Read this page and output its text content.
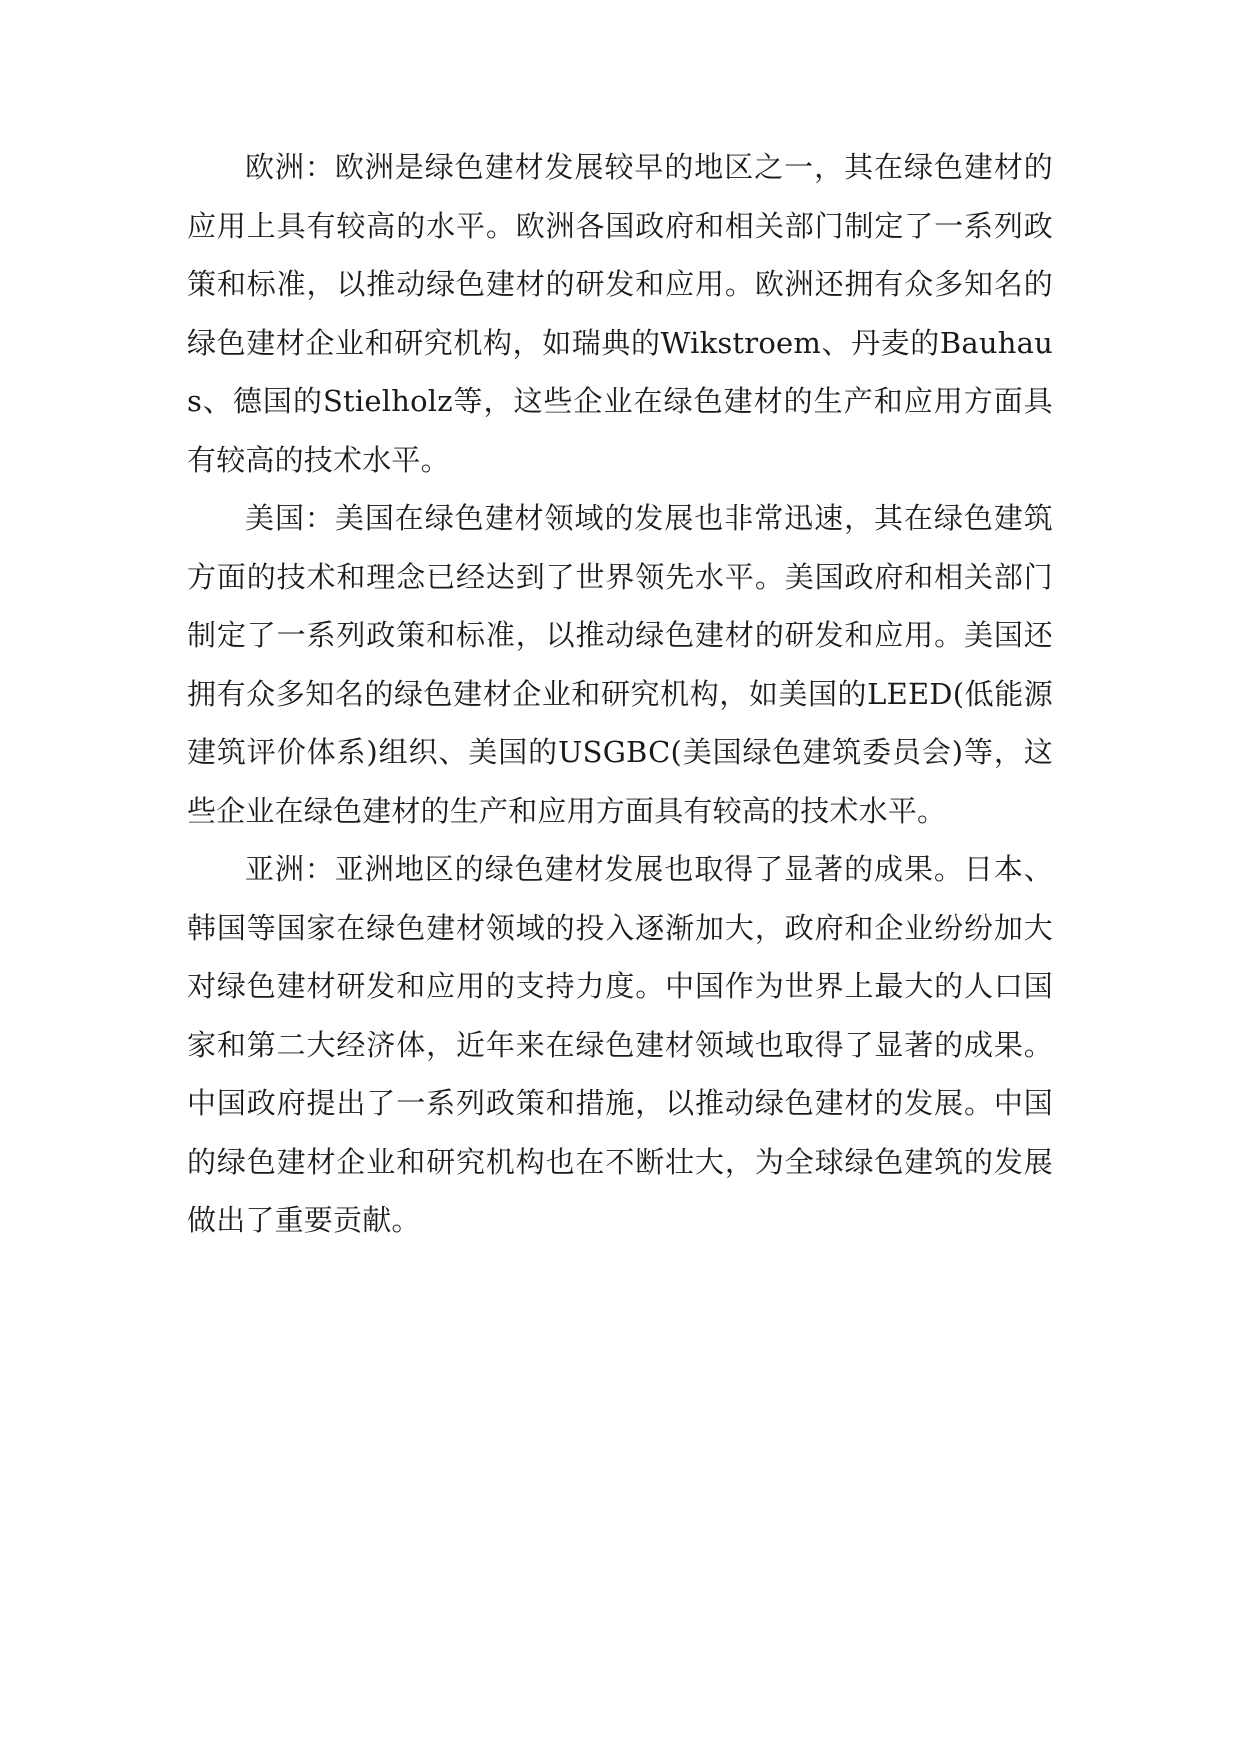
欧洲：欧洲是绿色建材发展较早的地区之一，其在绿色建材的应用上具有较高的水平。欧洲各国政府和相关部门制定了一系列政策和标准，以推动绿色建材的研发和应用。欧洲还拥有众多知名的绿色建材企业和研究机构，如瑞典的Wikstroem、丹麦的Bauhaus、德国的Stielholz等，这些企业在绿色建材的生产和应用方面具有较高的技术水平。

美国：美国在绿色建材领域的发展也非常迅速，其在绿色建筑方面的技术和理念已经达到了世界领先水平。美国政府和相关部门制定了一系列政策和标准，以推动绿色建材的研发和应用。美国还拥有众多知名的绿色建材企业和研究机构，如美国的LEED(低能源建筑评价体系)组织、美国的USGBC(美国绿色建筑委员会)等，这些企业在绿色建材的生产和应用方面具有较高的技术水平。

亚洲：亚洲地区的绿色建材发展也取得了显著的成果。日本、韩国等国家在绿色建材领域的投入逐渐加大，政府和企业纷纷加大对绿色建材研发和应用的支持力度。中国作为世界上最大的人口国家和第二大经济体，近年来在绿色建材领域也取得了显著的成果。中国政府提出了一系列政策和措施，以推动绿色建材的发展。中国的绿色建材企业和研究机构也在不断壮大，为全球绿色建筑的发展做出了重要贡献。
